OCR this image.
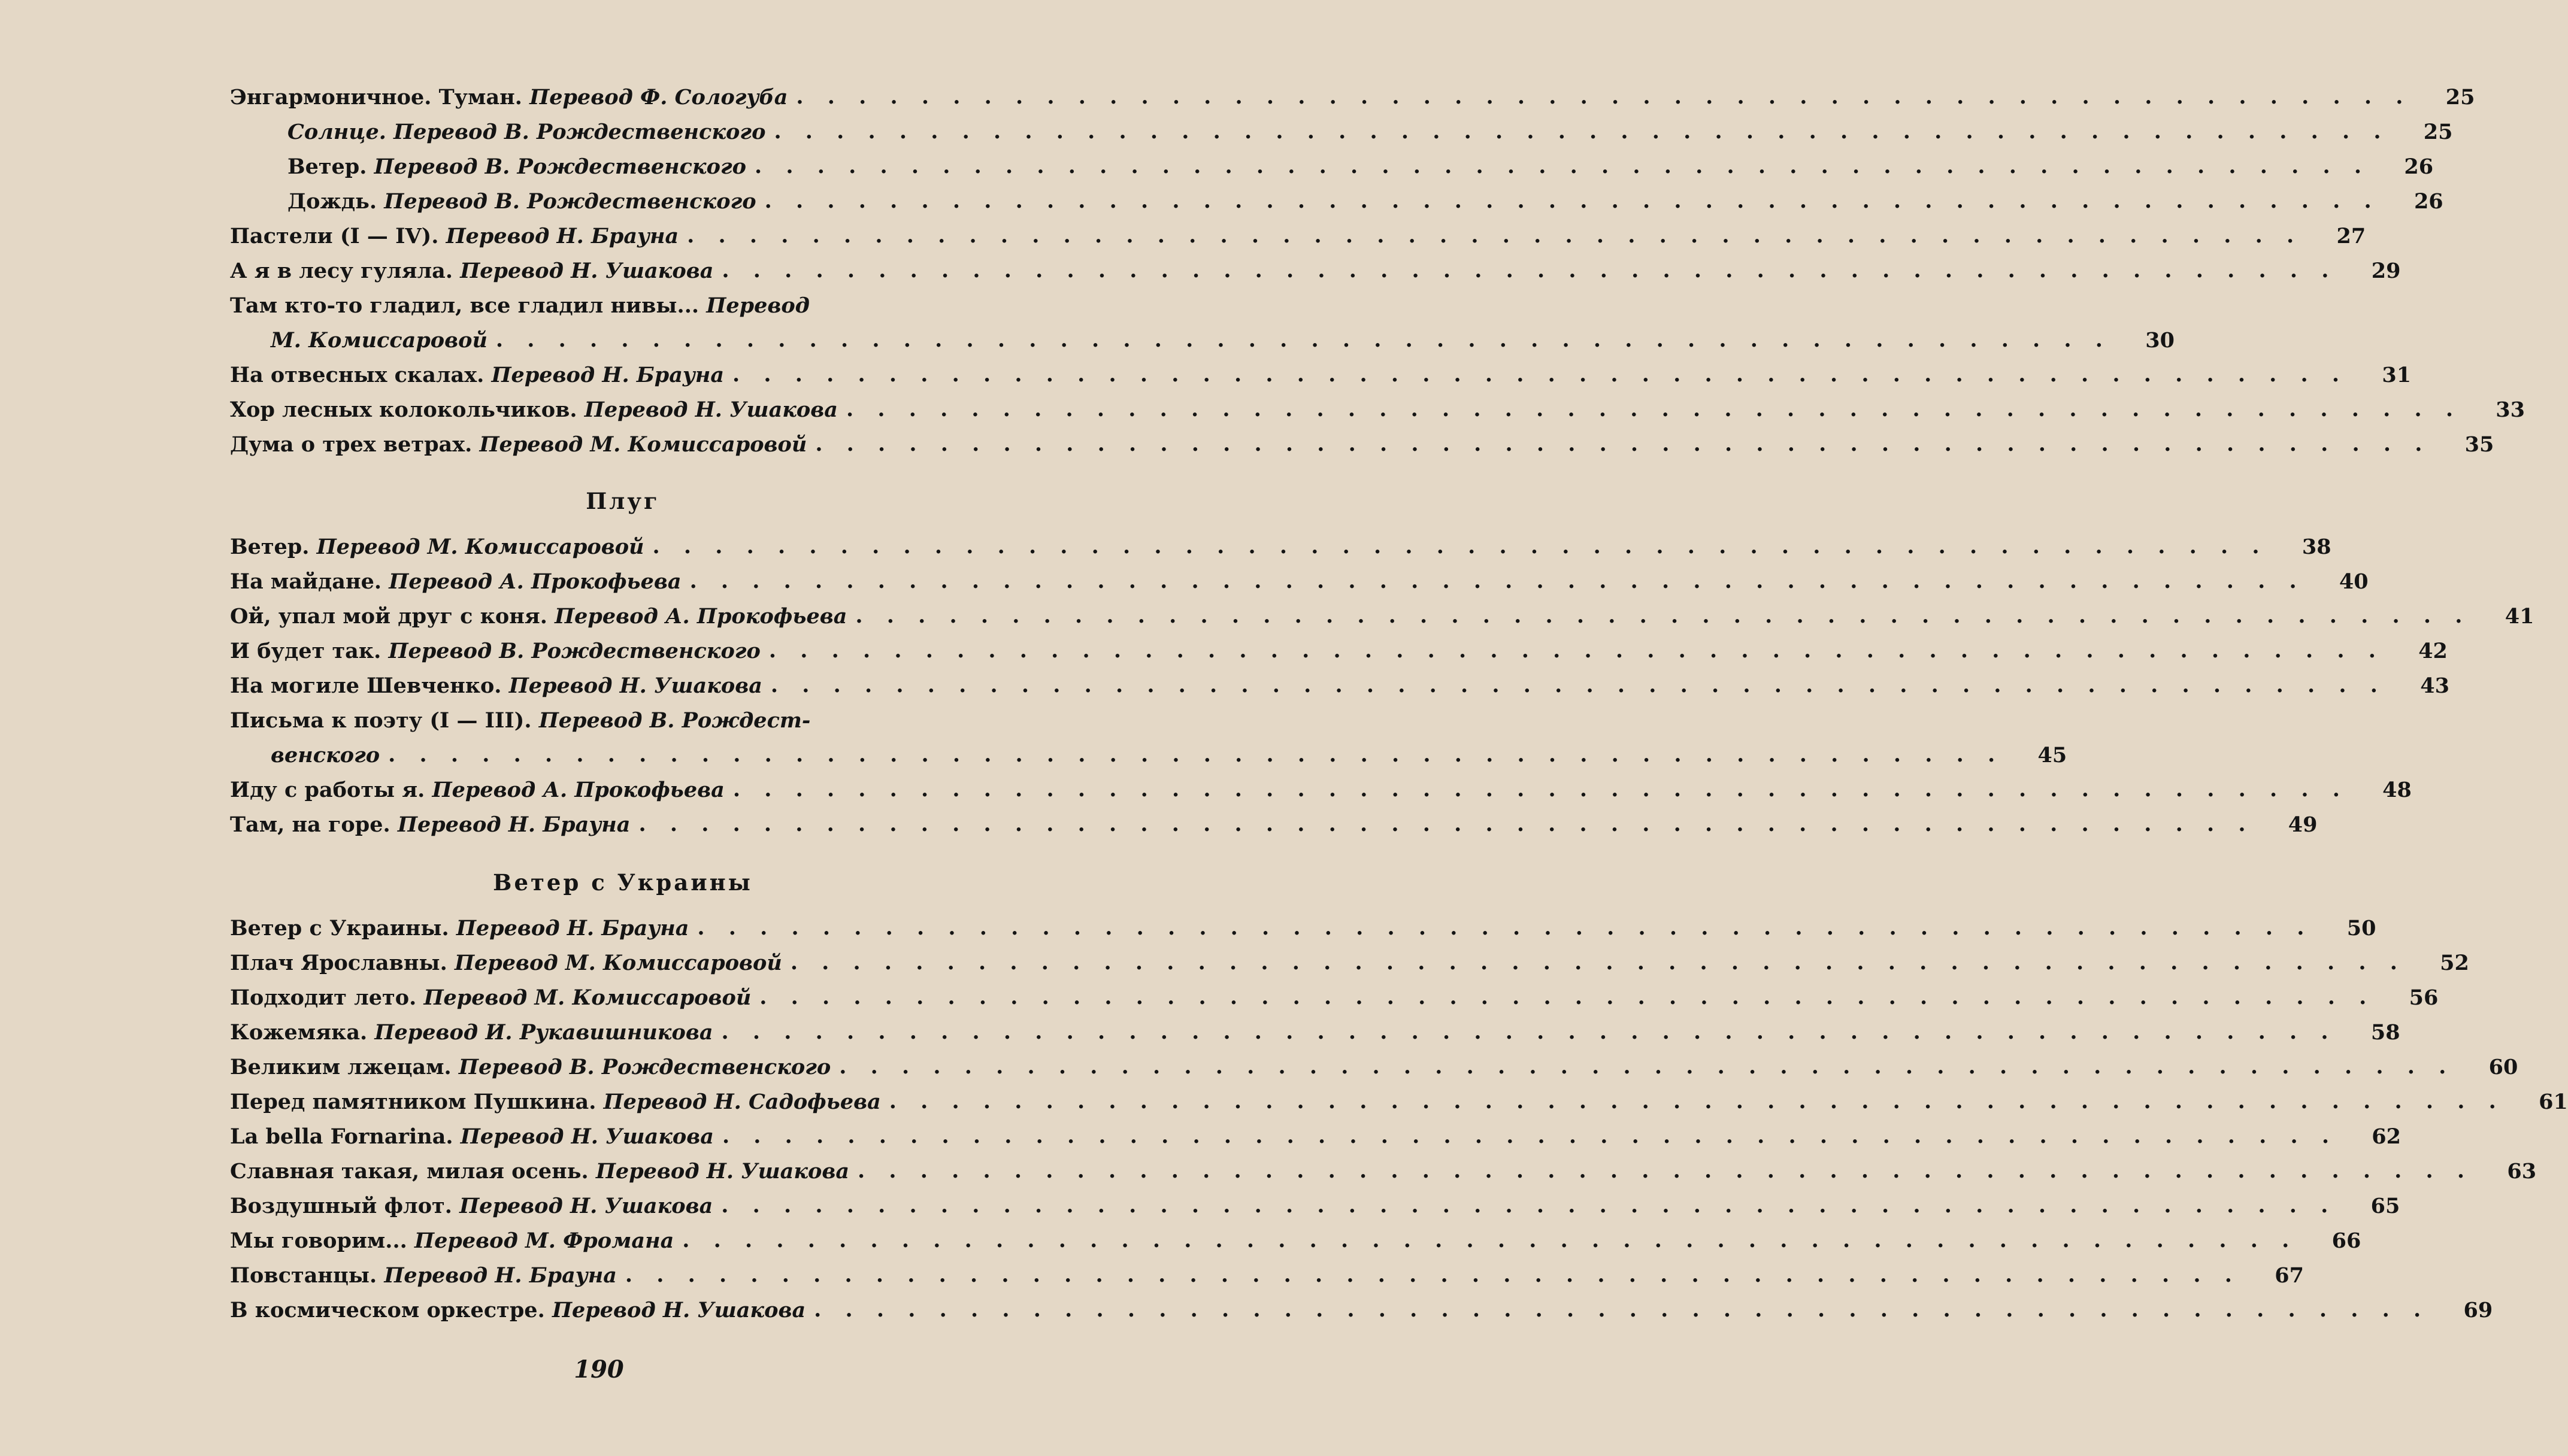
Энгармоничное. Туман. Перевод Ф. Сологуба . . .	25
Солнце. Перевод В. Рождественского . . .	25
Ветер. Перевод В. Рождественского . . .	26
Дождь. Перевод В. Рождественского . . .	26
Пастели (I — IV). Перевод Н. Брауна . . .	27
А я в лесу гуляла. Перевод Н. Ушакова . . .	29
Там кто-то гладил, все гладил нивы... Перевод
М. Комиссаровой . . .	30
На отвесных скалах. Перевод Н. Брауна . . .	31
Хор лесных колокольчиков. Перевод Н. Ушакова . . .	33
Дума о трех ветрах. Перевод М. Комиссаровой . . .	35
Плуг
Ветер. Перевод М. Комиссаровой . . .	38
На майдане. Перевод А. Прокофьева . . .	40
Ой, упал мой друг с коня. Перевод А. Прокофьева . . .	41
И будет так. Перевод В. Рождественского . . .	42
На могиле Шевченко. Перевод Н. Ушакова . . .	43
Письма к поэту (I — III). Перевод В. Рождест-
венского . . .	45
Иду с работы я. Перевод А. Прокофьева . . .	48
Там, на горе. Перевод Н. Брауна . . .	49
Ветер с Украины
Ветер с Украины. Перевод Н. Брауна . . .	50
Плач Ярославны. Перевод М. Комиссаровой . . .	52
Подходит лето. Перевод М. Комиссаровой . . .	56
Кожемяка. Перевод И. Рукавишникова . . .	58
Великим лжецам. Перевод В. Рождественского . . .	60
Перед памятником Пушкина. Перевод Н. Садофьева . . .	61
La bella Fornarina. Перевод Н. Ушакова . . .	62
Славная такая, милая осень. Перевод Н. Ушакова . . .	63
Воздушный флот. Перевод Н. Ушакова . . .	65
Мы говорим... Перевод М. Фромана . . .	66
Повстанцы. Перевод Н. Брауна . . .	67
В космическом оркестре. Перевод Н. Ушакова . . .	69
190
